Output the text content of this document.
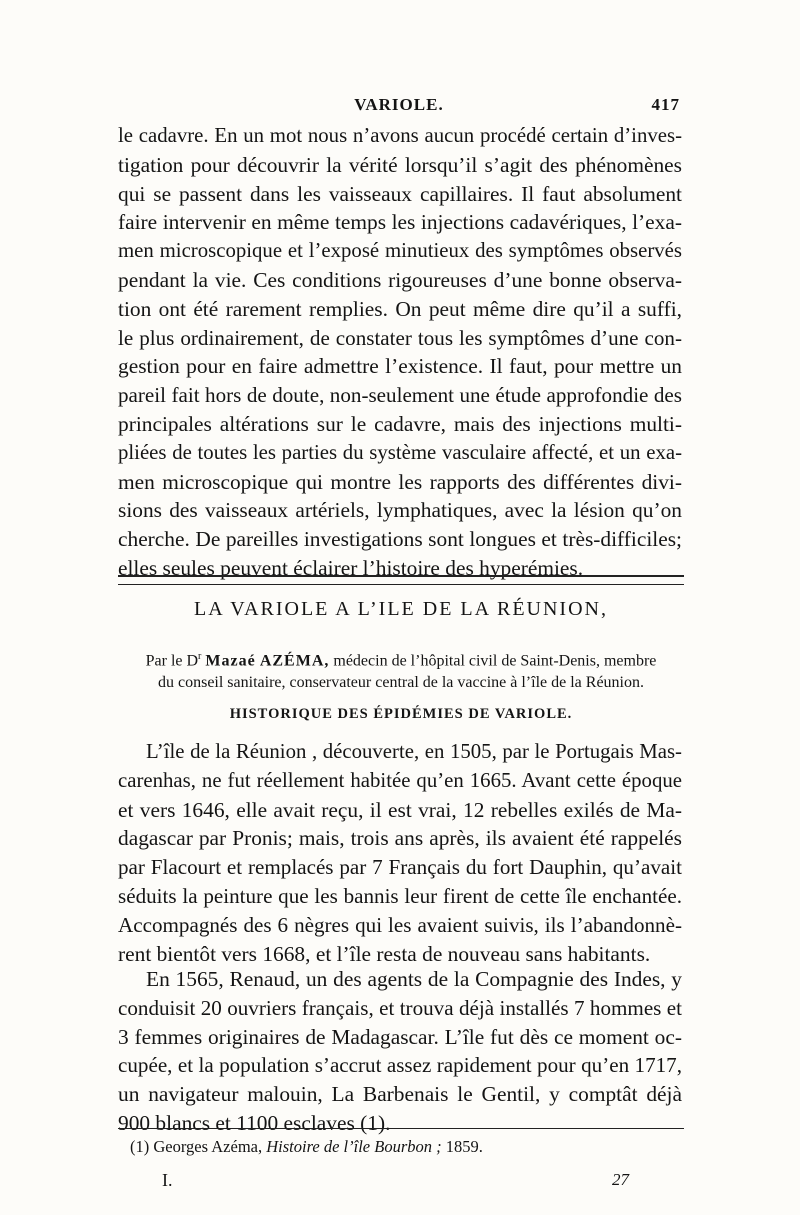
VARIOLE.	417
le cadavre. En un mot nous n’avons aucun procédé certain d’inves-
tigation pour découvrir la vérité lorsqu’il s’agit des phénomènes
qui se passent dans les vaisseaux capillaires. Il faut absolument
faire intervenir en même temps les injections cadavériques, l’exa-
men microscopique et l’exposé minutieux des symptômes observés
pendant la vie. Ces conditions rigoureuses d’une bonne observa-
tion ont été rarement remplies. On peut même dire qu’il a suffi,
le plus ordinairement, de constater tous les symptômes d’une con-
gestion pour en faire admettre l’existence. Il faut, pour mettre un
pareil fait hors de doute, non-seulement une étude approfondie des
principales altérations sur le cadavre, mais des injections multi-
pliées de toutes les parties du système vasculaire affecté, et un exa-
men microscopique qui montre les rapports des différentes divi-
sions des vaisseaux artériels, lymphatiques, avec la lésion qu’on
cherche. De pareilles investigations sont longues et très-difficiles;
elles seules peuvent éclairer l’histoire des hyperémies.
LA VARIOLE A L’ILE DE LA RÉUNION,
Par le $D^r$ Mazaé AZÉMA, médecin de l’hôpital civil de Saint-Denis, membre
du conseil sanitaire, conservateur central de la vaccine à l’île de la Réunion.
HISTORIQUE DES ÉPIDÉMIES DE VARIOLE.
L’île de la Réunion , découverte, en 1505, par le Portugais Mas-
carenhas, ne fut réellement habitée qu’en 1665. Avant cette époque
et vers 1646, elle avait reçu, il est vrai, 12 rebelles exilés de Ma-
dagascar par Pronis; mais, trois ans après, ils avaient été rappelés
par Flacourt et remplacés par 7 Français du fort Dauphin, qu’avait
séduits la peinture que les bannis leur firent de cette île enchantée.
Accompagnés des 6 nègres qui les avaient suivis, ils l’abandonnè-
rent bientôt vers 1668, et l’île resta de nouveau sans habitants.
En 1565, Renaud, un des agents de la Compagnie des Indes, y
conduisit 20 ouvriers français, et trouva déjà installés 7 hommes et
3 femmes originaires de Madagascar. L’île fut dès ce moment oc-
cupée, et la population s’accrut assez rapidement pour qu’en 1717,
un navigateur malouin, La Barbenais le Gentil, y comptât déjà
900 blancs et 1100 esclaves (1).
(1) Georges Azéma, Histoire de l’île Bourbon ; 1859.
I.	27
